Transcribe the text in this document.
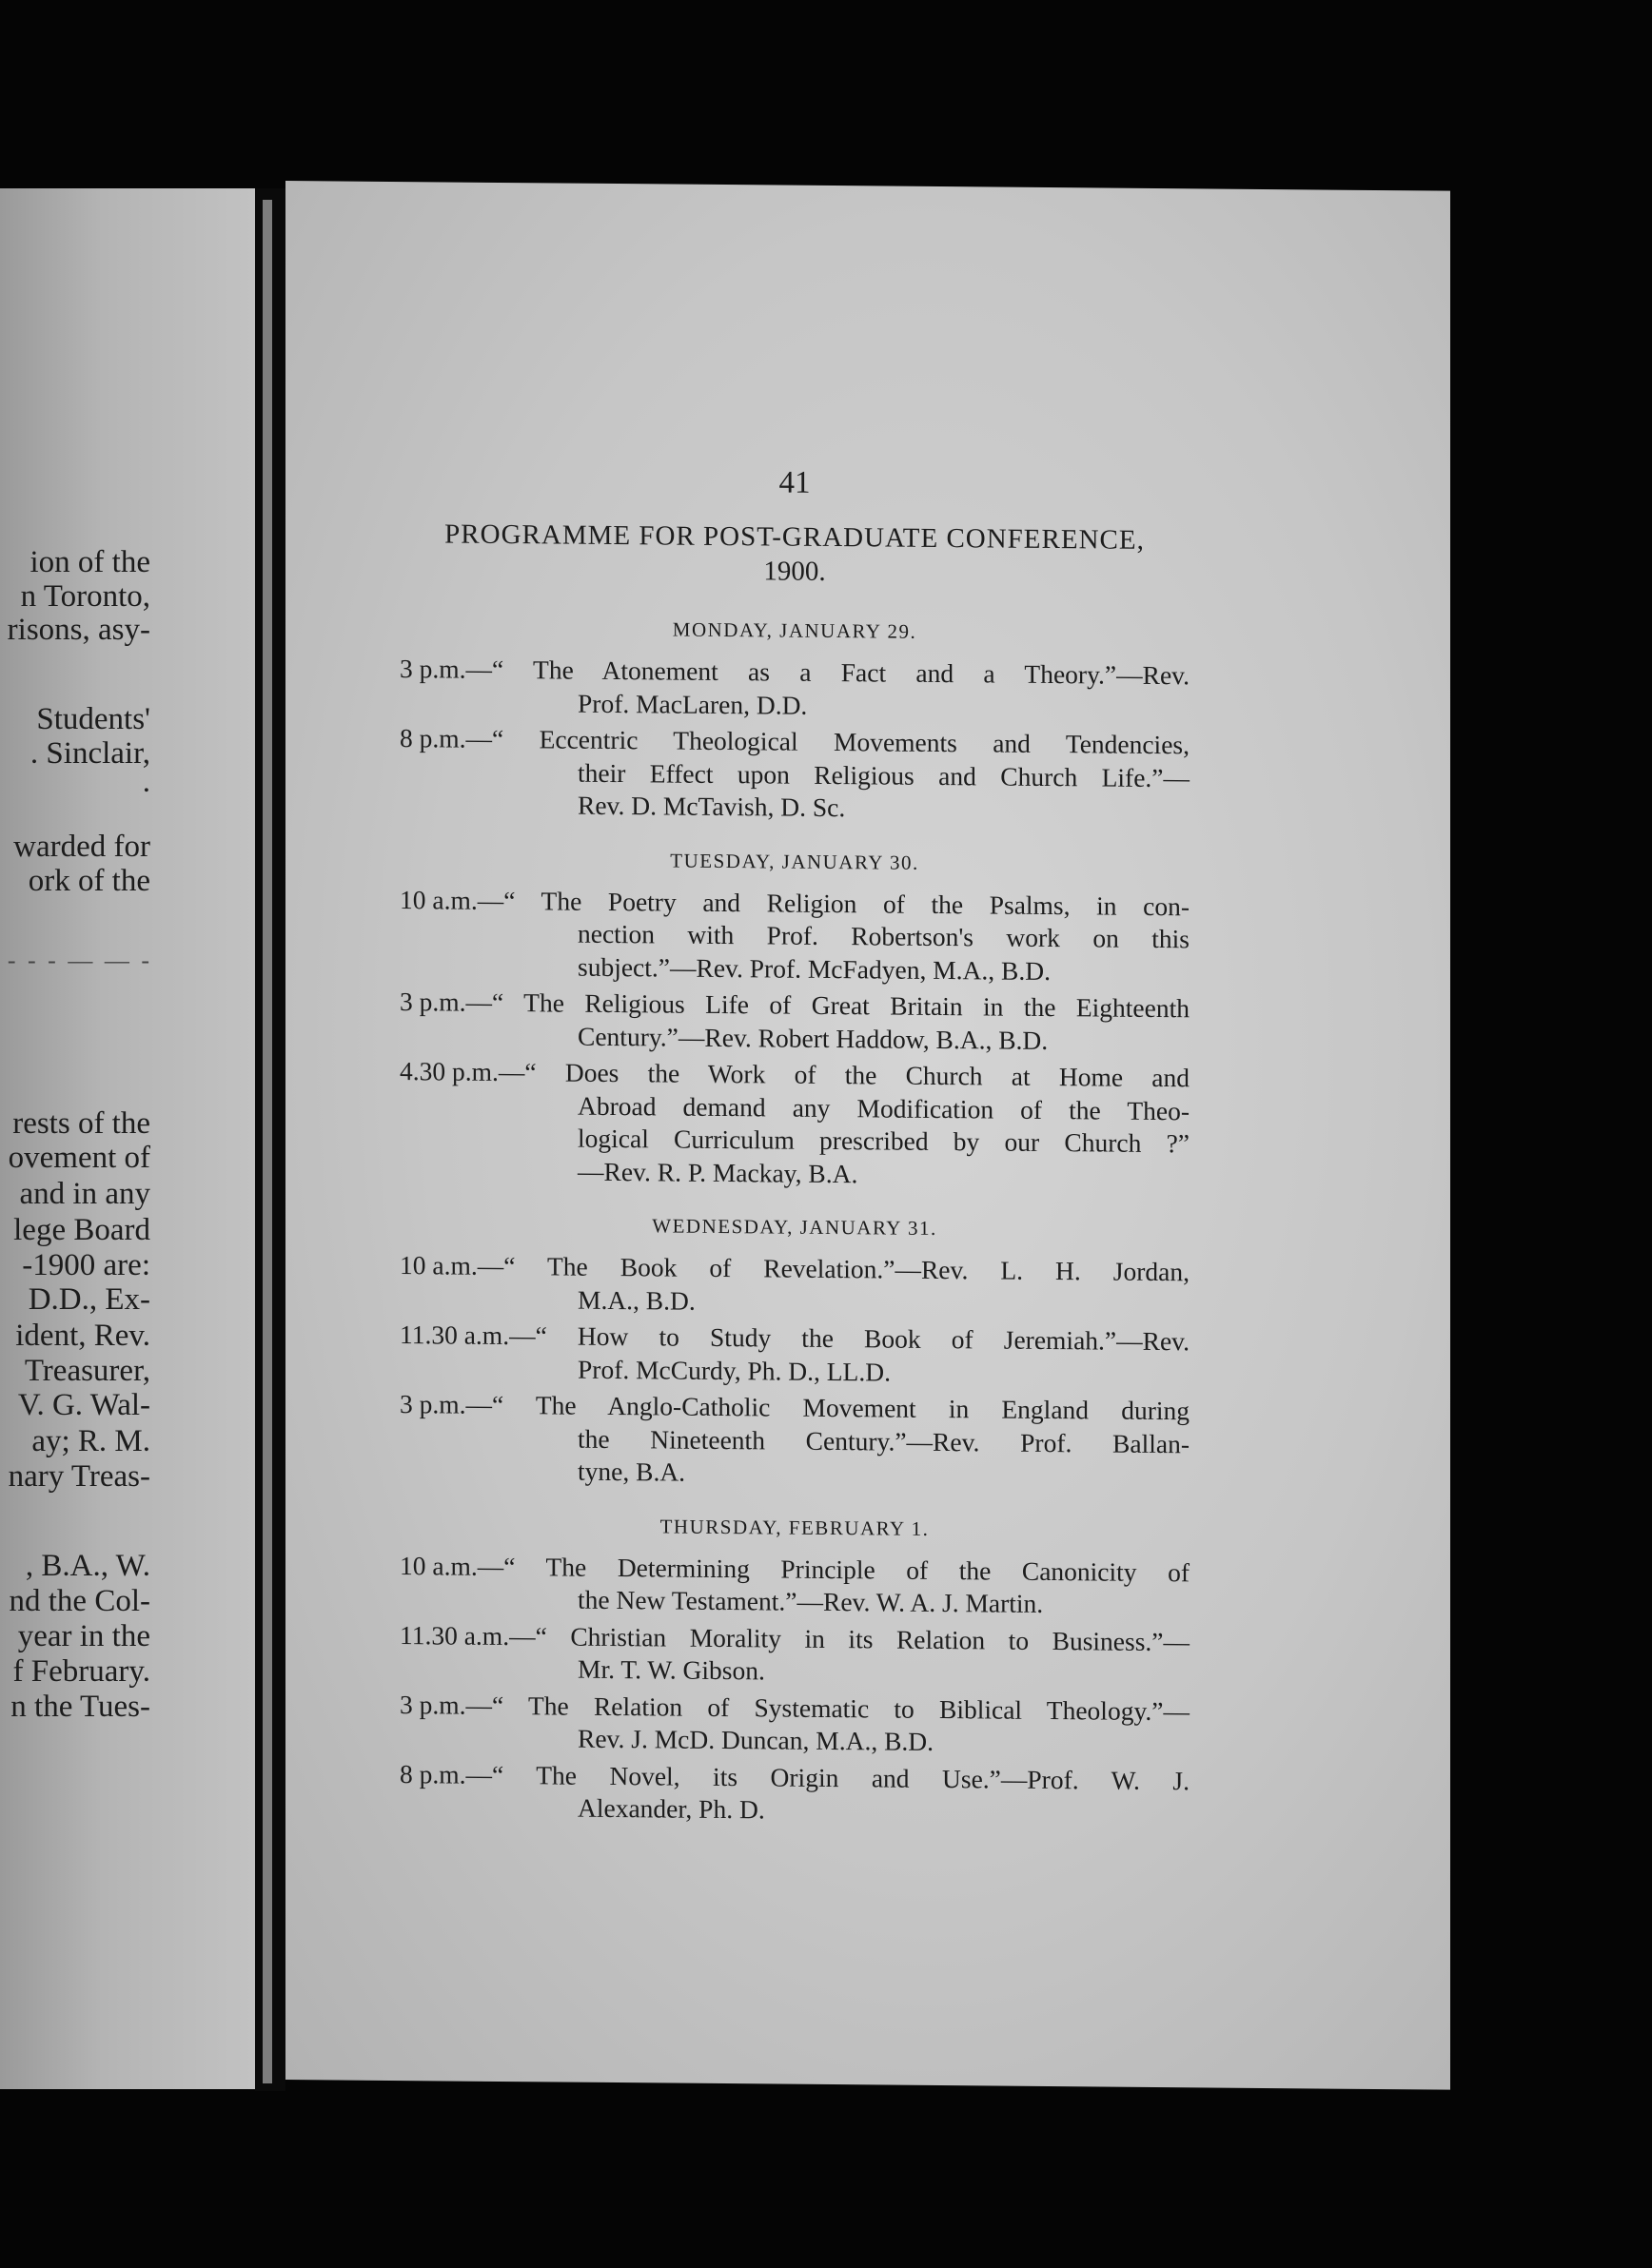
ion of the
n Toronto,
risons, asy-
Students'
. Sinclair,
.
warded for
ork of the
- - - — — -
rests of the
ovement of
and in any
lege Board
-1900 are:
D.D., Ex-
ident, Rev.
Treasurer,
V. G. Wal-
ay; R. M.
nary Treas-
, B.A., W.
nd the Col-
year in the
f February.
n the Tues-
41
PROGRAMME FOR POST-GRADUATE CONFERENCE,
1900.
MONDAY, JANUARY 29.
3 p.m.— “ The Atonement as a Fact and a Theory.”—Rev.
Prof. MacLaren, D.D.
8 p.m.— “ Eccentric Theological Movements and Tendencies,
their Effect upon Religious and Church Life.”—
Rev. D. McTavish, D. Sc.
TUESDAY, JANUARY 30.
10 a.m.— “ The Poetry and Religion of the Psalms, in con-
nection with Prof. Robertson's work on this
subject.”—Rev. Prof. McFadyen, M.A., B.D.
3 p.m.— “ The Religious Life of Great Britain in the Eighteenth
Century.”—Rev. Robert Haddow, B.A., B.D.
4.30 p.m.— “ Does the Work of the Church at Home and
Abroad demand any Modification of the Theo-
logical Curriculum prescribed by our Church ?”
—Rev. R. P. Mackay, B.A.
WEDNESDAY, JANUARY 31.
10 a.m.— “ The Book of Revelation.”—Rev. L. H. Jordan,
M.A., B.D.
11.30 a.m.— “ How to Study the Book of Jeremiah.”—Rev.
Prof. McCurdy, Ph. D., LL.D.
3 p.m.— “ The Anglo-Catholic Movement in England during
the Nineteenth Century.”—Rev. Prof. Ballan-
tyne, B.A.
THURSDAY, FEBRUARY 1.
10 a.m.— “ The Determining Principle of the Canonicity of
the New Testament.”—Rev. W. A. J. Martin.
11.30 a.m.— “ Christian Morality in its Relation to Business.”—
Mr. T. W. Gibson.
3 p.m.— “ The Relation of Systematic to Biblical Theology.”—
Rev. J. McD. Duncan, M.A., B.D.
8 p.m.— “ The Novel, its Origin and Use.”—Prof. W. J.
Alexander, Ph. D.
